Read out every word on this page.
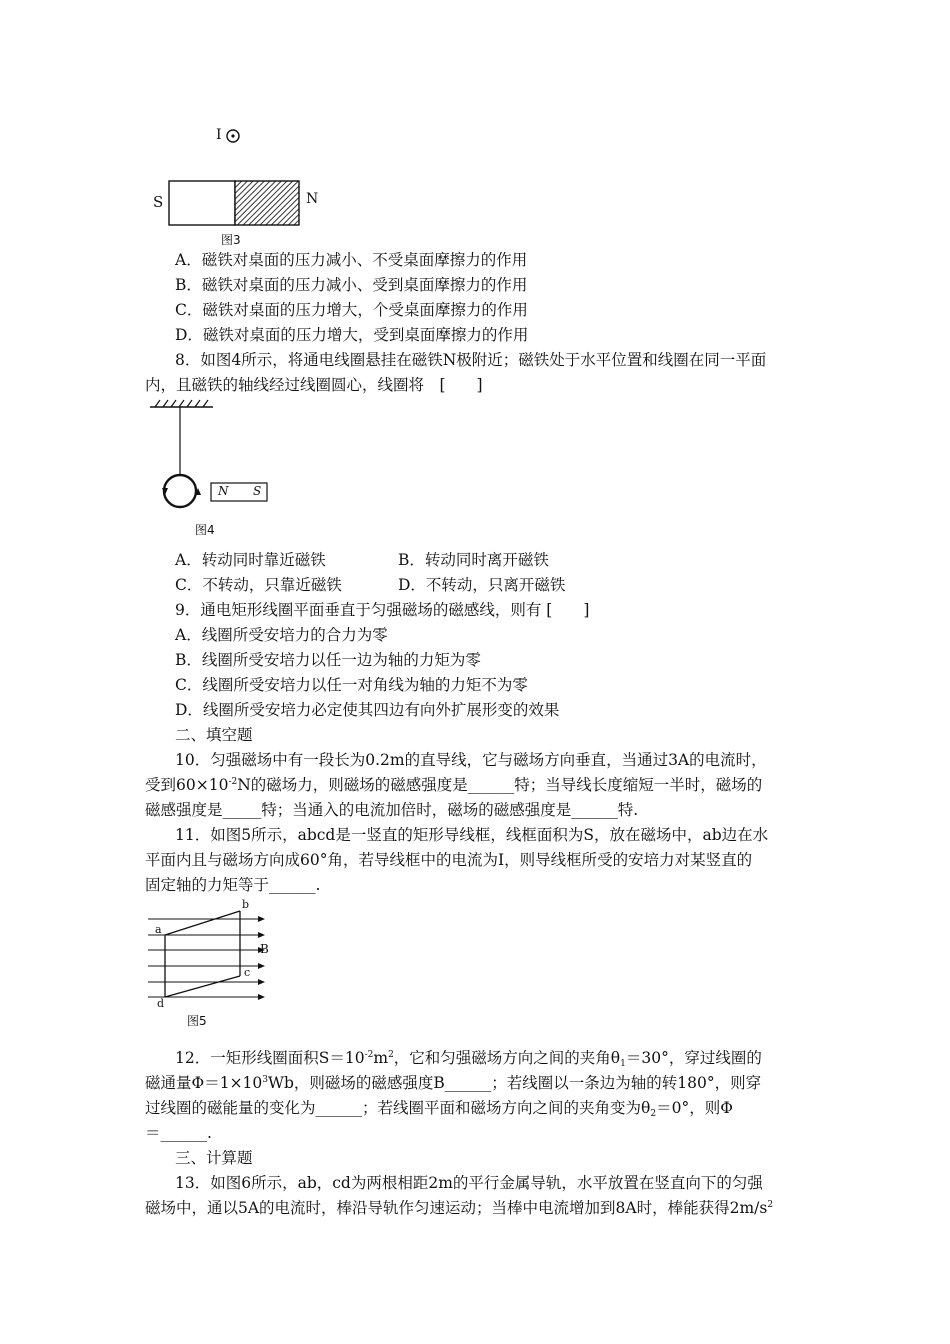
I
S	N
图3
A．磁铁对桌面的压力减小、不受桌面摩擦力的作用
B．磁铁对桌面的压力减小、受到桌面摩擦力的作用
C．磁铁对桌面的压力增大，个受桌面摩擦力的作用
D．磁铁对桌面的压力增大，受到桌面摩擦力的作用
8．如图4所示，将通电线圈悬挂在磁铁N极附近；磁铁处于水平位置和线圈在同一平面
内，且磁铁的轴线经过线圈圆心，线圈将　[　　]
N S
图4
A．转动同时靠近磁铁	B．转动同时离开磁铁
C．不转动，只靠近磁铁	D．不转动，只离开磁铁
9．通电矩形线圈平面垂直于匀强磁场的磁感线，则有 [　　]
A．线圈所受安培力的合力为零
B．线圈所受安培力以任一边为轴的力矩为零
C．线圈所受安培力以任一对角线为轴的力矩不为零
D．线圈所受安培力必定使其四边有向外扩展形变的效果
二、填空题
10．匀强磁场中有一段长为0.2m的直导线，它与磁场方向垂直，当通过3A的电流时，
受到$60\times 10^{-2}N$的磁场力，则磁场的磁感强度是______特；当导线长度缩短一半时，磁场的
磁感强度是_____特；当通入的电流加倍时，磁场的磁感强度是______特.
11．如图5所示，abcd是一竖直的矩形导线框，线框面积为S，放在磁场中，ab边在水
平面内且与磁场方向成60°角，若导线框中的电流为I，则导线框所受的安培力对某竖直的
固定轴的力矩等于______.
a
b
c
d
B
图5
12．一矩形线圈面积$S=10^{-2}m^2$，它和匀强磁场方向之间的夹角$\theta_1=30^\circ$，穿过线圈的
磁通量$\Phi=1\times 10^3Wb$，则磁场的磁感强度B______；若线圈以一条边为轴的转180°，则穿
过线圈的磁能量的变化为______；若线圈平面和磁场方向之间的夹角变为$\theta_2=0^\circ$，则Φ
＝______.
三、计算题
13．如图6所示，ab，cd为两根相距2m的平行金属导轨，水平放置在竖直向下的匀强
磁场中，通以5A的电流时，棒沿导轨作匀速运动；当棒中电流增加到8A时，棒能获得$2m/s^2$
